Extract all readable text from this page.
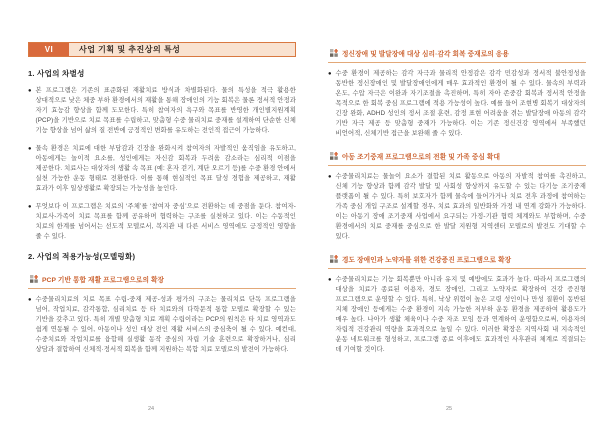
VI	사업 기획 및 추진상의 특성
1. 사업의 차별성
● 본 프로그램은 기존의 표준화된 재활치료 방식과 차별화된다. 물의 특성을 적극 활용한 상대적으로 낮은 체중 부하 환경에서의 재활을 통해 장애인의 기능 회복은 물론 정서적 안정과 자기 효능감 향상을 함께 도모한다. 특히 참여자의 욕구와 목표를 반영한 개인별지원계획(PCP)을 기반으로 치료 목표를 수립하고, 맞춤형 수중 물리치료 중재를 설계하여 단순한 신체 기능 향상을 넘어 삶의 질 전반에 긍정적인 변화를 유도하는 전인적 접근이 가능하다.
● 물속 환경은 치료에 대한 부담감과 긴장을 완화시켜 참여자의 자발적인 움직임을 유도하고, 아동에게는 놀이적 요소를, 성인에게는 자신감 회복과 두려움 감소라는 심리적 이점을 제공한다. 치료사는 대상자의 생활 속 목표 (예: 혼자 걷기, 계단 오르기 등)를 수중 환경 안에서 실천 가능한 운동 형태로 전환한다. 이를 통해 현실적인 목표 달성 경험을 제공하고, 재활 효과가 이후 일상생활로 확장되는 가능성을 높인다.
● 무엇보다 이 프로그램은 치료의 ‘주체’를 ‘참여자 중심’으로 전환하는 데 중점을 둔다. 참여자-치료사-가족이 치료 목표를 함께 공유하며 협력하는 구조를 실천하고 있다. 이는 수동적인 치료의 한계를 넘어서는 선도적 모델로서, 복지관 내 다른 서비스 영역에도 긍정적인 영향을 줄 수 있다.
2. 사업의 적용가능성(모델링화)
PCP 기반 통합 재활 프로그램으로의 확장
● 수중물리치료의 치료 목표 수립-중재 제공-성과 평가의 구조는 물리치료 단독 프로그램을 넘어, 작업치료, 감각통합, 심리치료 등 타 치료와의 다학문적 통합 모델로 확장할 수 있는 기반을 갖추고 있다. 특히 개별 맞춤형 치료 계획 수립이라는 PCP의 원칙은 타 치료 영역과도 쉽게 연동될 수 있어, 아동이나 성인 대상 전인 재활 서비스의 중심축이 될 수 있다. 예컨대, 수중치료와 작업치료를 융합해 실생활 동작 중심의 자립 기술 훈련으로 확장하거나, 심리 상담과 결합하여 신체적·정서적 회복을 함께 지원하는 복합 치료 모델로의 발전이 가능하다.
정신장애 및 발달장애 대상 심리·감각 회복 중재로의 응용
● 수중 환경이 제공하는 감각 자극과 물리적 안정감은 감각 민감성과 정서적 불안정성을 동반한 정신장애인 및 발달장애인에게 매우 효과적인 환경이 될 수 있다. 물속의 부력과 온도, 수압 자극은 이완과 자기조절을 촉진하며, 특히 자아 존중감 회복과 정서적 안정을 목적으로 한 회복 중심 프로그램에 적용 가능성이 높다. 예를 들어 조현병 회복기 대상자의 긴장 완화, ADHD 성인의 정서 조절 훈련, 감정 표현 어려움을 겪는 발달장애 아동의 감각 기반 자극 제공 등 맞춤형 중재가 가능하다. 이는 기존 정신건강 영역에서 부족했던 비언어적, 신체기반 접근을 보완해 줄 수 있다.
아동 조기중재 프로그램으로의 전환 및 가족 중심 확대
● 수중물리치료는 물놀이 요소가 결합된 치료 활동으로 아동의 자발적 참여를 촉진하고, 신체 기능 향상과 함께 감각 발달 및 사회성 향상까지 유도할 수 있는 다기능 조기중재 플랫폼이 될 수 있다. 특히 보호자가 함께 물속에 들어가거나 치료 전후 과정에 참여하는 가족 중심 개입 구조로 설계할 경우, 치료 효과의 일반화와 가정 내 연계 강화가 가능하다. 이는 아동기 장애 조기중재 사업에서 요구되는 가정-기관 협력 체계와도 부합하며, 수중 환경에서의 치료 중재를 중심으로 한 발달 지원형 지역센터 모델로의 발전도 기대할 수 있다.
경도 장애인과 노약자를 위한 건강증진 프로그램으로 확장
● 수중물리치료는 기능 회복뿐만 아니라 유지 및 예방에도 효과가 높다. 따라서 프로그램의 대상을 치료가 종료된 이용자, 경도 장애인, 그리고 노약자로 확장하여 건강 증진형 프로그램으로 운영할 수 있다. 특히, 낙상 위험이 높은 고령 성인이나 만성 질환이 동반된 지체 장애인 등에게는 수중 환경이 지속 가능한 저부하 운동 환경을 제공하여 활용도가 매우 높다. 나아가 생활 체육이나 수중 자조 모임 등과 연계하여 운영함으로써, 이용자의 자립적 건강관리 역량을 효과적으로 높일 수 있다. 이러한 확장은 지역사회 내 지속적인 운동 네트워크를 형성하고, 프로그램 종료 이후에도 효과적인 사후관리 체계로 직결되는 데 기여할 것이다.
24	25
